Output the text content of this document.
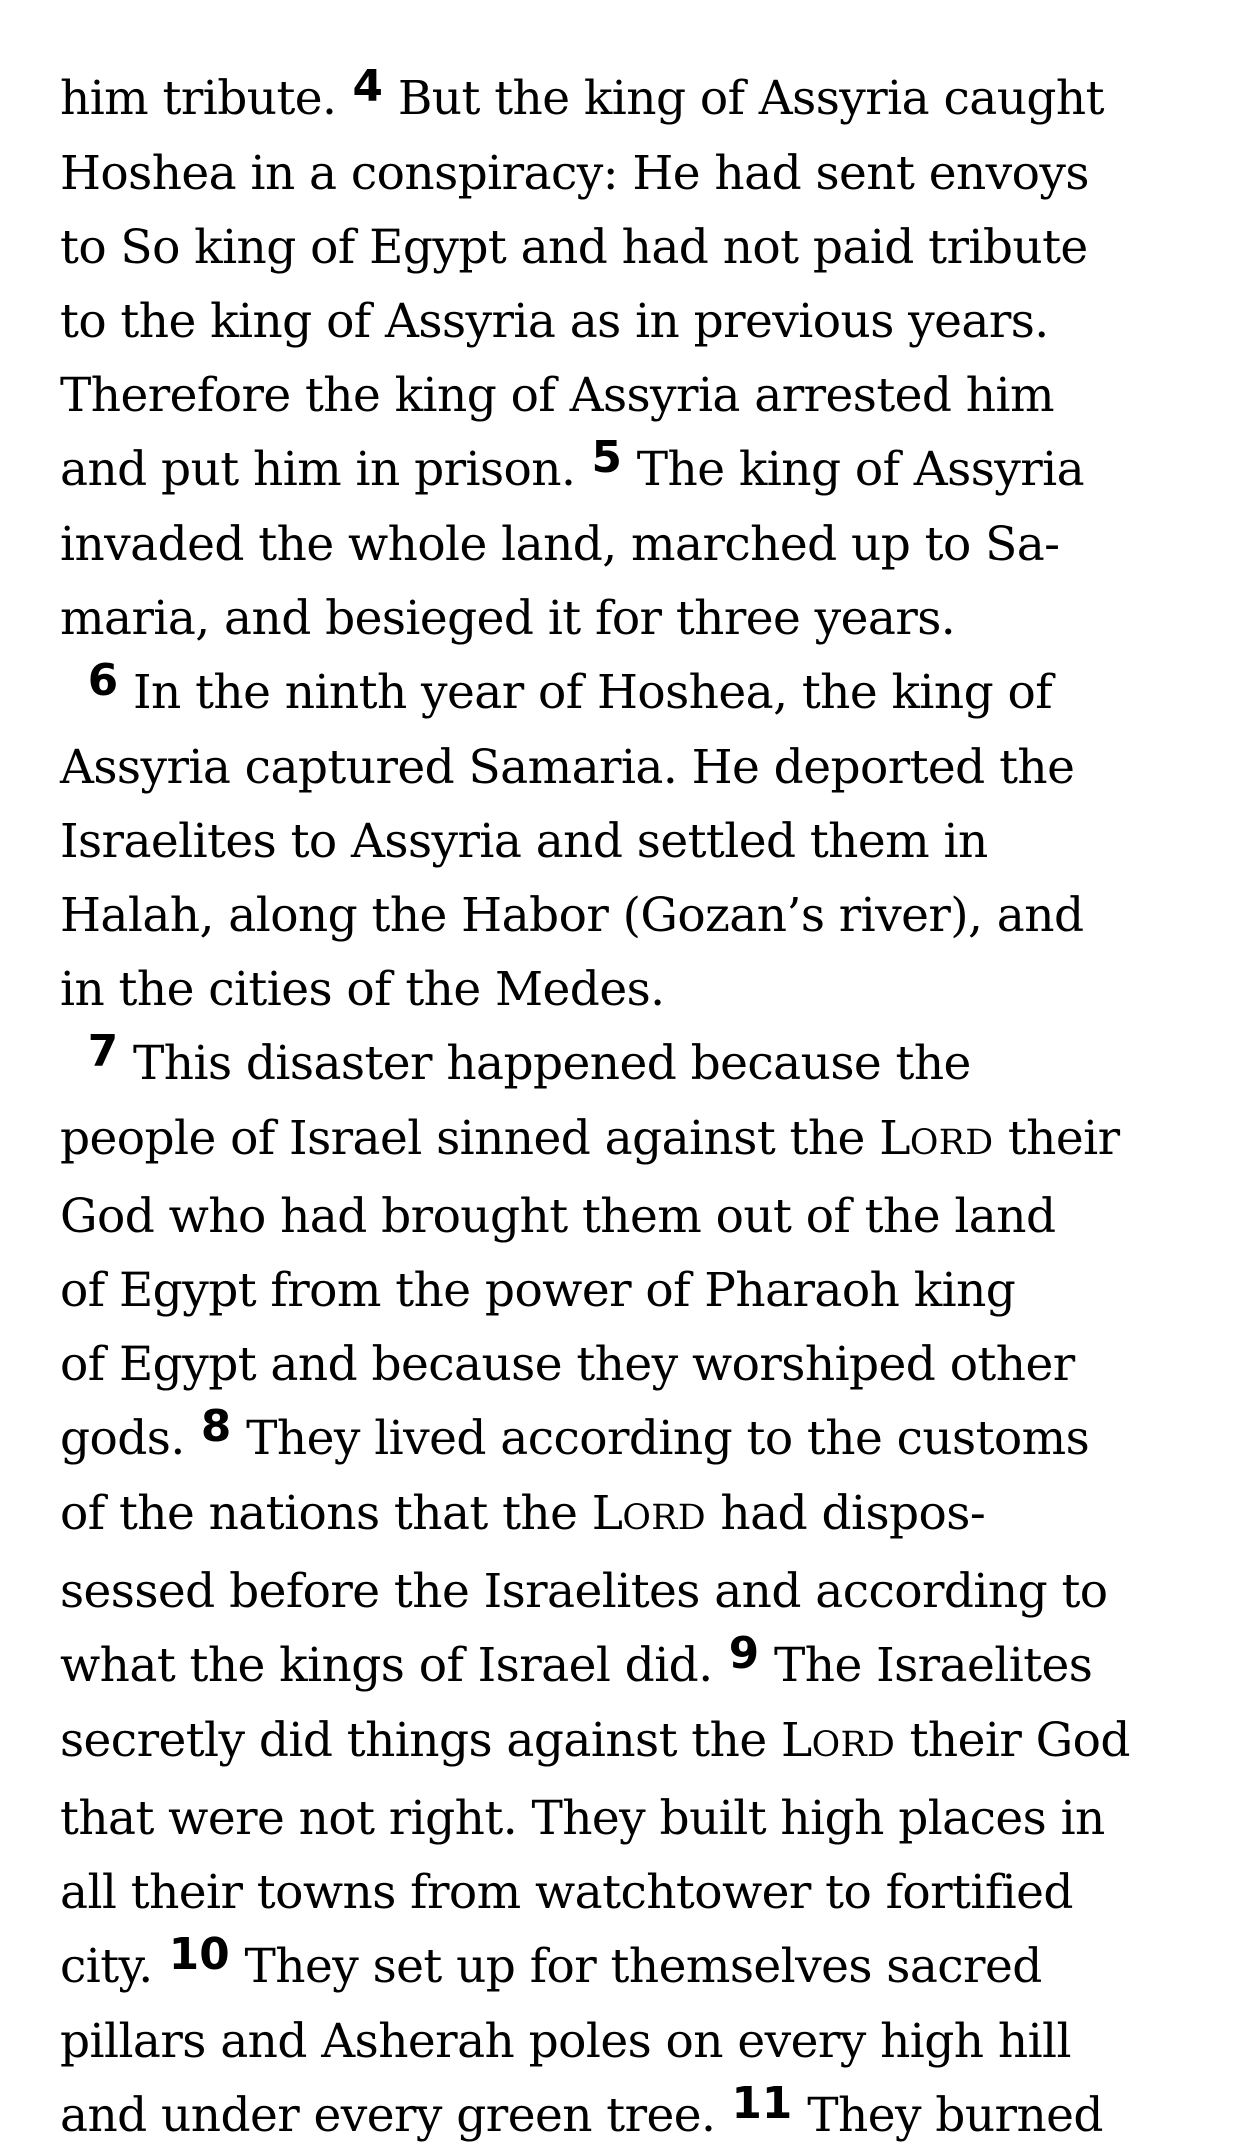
him tribute. 4 But the king of Assyria caught
Hoshea in a conspiracy: He had sent envoys
to So king of Egypt and had not paid tribute
to the king of Assyria as in previous years.
Therefore the king of Assyria arrested him
and put him in prison. 5 The king of Assyria
invaded the whole land, marched up to Sa-
maria, and besieged it for three years.
6 In the ninth year of Hoshea, the king of
Assyria captured Samaria. He deported the
Israelites to Assyria and settled them in
Halah, along the Habor (Gozan’s river), and
in the cities of the Medes.
7 This disaster happened because the
people of Israel sinned against the LORD their
God who had brought them out of the land
of Egypt from the power of Pharaoh king
of Egypt and because they worshiped other
gods. 8 They lived according to the customs
of the nations that the LORD had dispos-
sessed before the Israelites and according to
what the kings of Israel did. 9 The Israelites
secretly did things against the LORD their God
that were not right. They built high places in
all their towns from watchtower to fortified
city. 10 They set up for themselves sacred
pillars and Asherah poles on every high hill
and under every green tree. 11 They burned
